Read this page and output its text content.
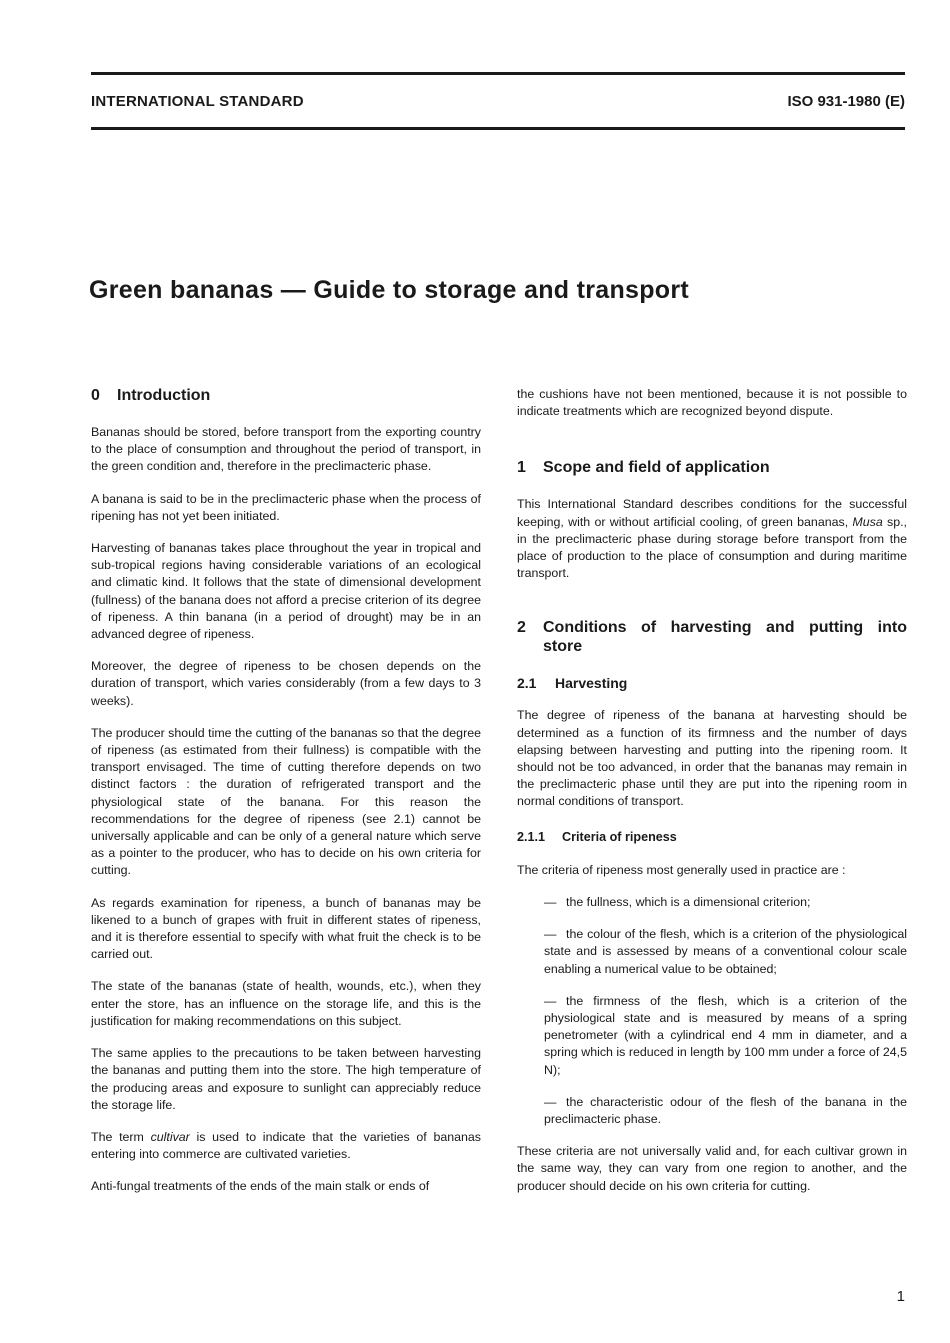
INTERNATIONAL STANDARD	ISO 931-1980 (E)
Green bananas — Guide to storage and transport
0 Introduction

Bananas should be stored, before transport from the exporting country to the place of consumption and throughout the period of transport, in the green condition and, therefore in the preclimacteric phase.

A banana is said to be in the preclimacteric phase when the process of ripening has not yet been initiated.

Harvesting of bananas takes place throughout the year in tropical and sub-tropical regions having considerable variations of an ecological and climatic kind. It follows that the state of dimensional development (fullness) of the banana does not afford a precise criterion of its degree of ripeness. A thin banana (in a period of drought) may be in an advanced degree of ripeness.

Moreover, the degree of ripeness to be chosen depends on the duration of transport, which varies considerably (from a few days to 3 weeks).

The producer should time the cutting of the bananas so that the degree of ripeness (as estimated from their fullness) is compatible with the transport envisaged. The time of cutting therefore depends on two distinct factors : the duration of refrigerated transport and the physiological state of the banana. For this reason the recommendations for the degree of ripeness (see 2.1) cannot be universally applicable and can be only of a general nature which serve as a pointer to the producer, who has to decide on his own criteria for cutting.

As regards examination for ripeness, a bunch of bananas may be likened to a bunch of grapes with fruit in different states of ripeness, and it is therefore essential to specify with what fruit the check is to be carried out.

The state of the bananas (state of health, wounds, etc.), when they enter the store, has an influence on the storage life, and this is the justification for making recommendations on this subject.

The same applies to the precautions to be taken between harvesting the bananas and putting them into the store. The high temperature of the producing areas and exposure to sunlight can appreciably reduce the storage life.

The term cultivar is used to indicate that the varieties of bananas entering into commerce are cultivated varieties.

Anti-fungal treatments of the ends of the main stalk or ends of

the cushions have not been mentioned, because it is not possible to indicate treatments which are recognized beyond dispute.

1 Scope and field of application

This International Standard describes conditions for the successful keeping, with or without artificial cooling, of green bananas, Musa sp., in the preclimacteric phase during storage before transport from the place of production to the place of consumption and during maritime transport.

2	Conditions of harvesting and putting into store
2.1 Harvesting

The degree of ripeness of the banana at harvesting should be determined as a function of its firmness and the number of days elapsing between harvesting and putting into the ripening room. It should not be too advanced, in order that the bananas may remain in the preclimacteric phase until they are put into the ripening room in normal conditions of transport.

2.1.1 Criteria of ripeness

The criteria of ripeness most generally used in practice are :

— the fullness, which is a dimensional criterion;
— the colour of the flesh, which is a criterion of the physiological state and is assessed by means of a conventional colour scale enabling a numerical value to be obtained;
— the firmness of the flesh, which is a criterion of the physiological state and is measured by means of a spring penetrometer (with a cylindrical end 4 mm in diameter, and a spring which is reduced in length by 100 mm under a force of 24,5 N);
— the characteristic odour of the flesh of the banana in the preclimacteric phase.

These criteria are not universally valid and, for each cultivar grown in the same way, they can vary from one region to another, and the producer should decide on his own criteria for cutting.

1
